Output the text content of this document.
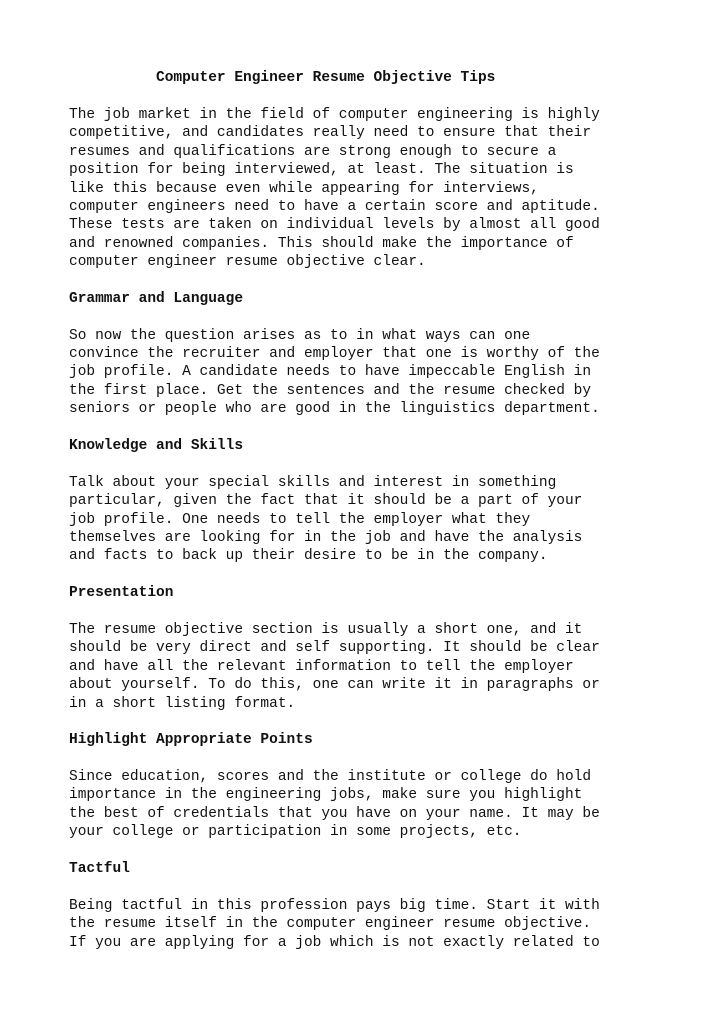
Computer Engineer Resume Objective Tips
The job market in the field of computer engineering is highly
competitive, and candidates really need to ensure that their
resumes and qualifications are strong enough to secure a
position for being interviewed, at least. The situation is
like this because even while appearing for interviews,
computer engineers need to have a certain score and aptitude.
These tests are taken on individual levels by almost all good
and renowned companies. This should make the importance of
computer engineer resume objective clear.
Grammar and Language
So now the question arises as to in what ways can one
convince the recruiter and employer that one is worthy of the
job profile. A candidate needs to have impeccable English in
the first place. Get the sentences and the resume checked by
seniors or people who are good in the linguistics department.
Knowledge and Skills
Talk about your special skills and interest in something
particular, given the fact that it should be a part of your
job profile. One needs to tell the employer what they
themselves are looking for in the job and have the analysis
and facts to back up their desire to be in the company.
Presentation
The resume objective section is usually a short one, and it
should be very direct and self supporting. It should be clear
and have all the relevant information to tell the employer
about yourself. To do this, one can write it in paragraphs or
in a short listing format.
Highlight Appropriate Points
Since education, scores and the institute or college do hold
importance in the engineering jobs, make sure you highlight
the best of credentials that you have on your name. It may be
your college or participation in some projects, etc.
Tactful
Being tactful in this profession pays big time. Start it with
the resume itself in the computer engineer resume objective.
If you are applying for a job which is not exactly related to
